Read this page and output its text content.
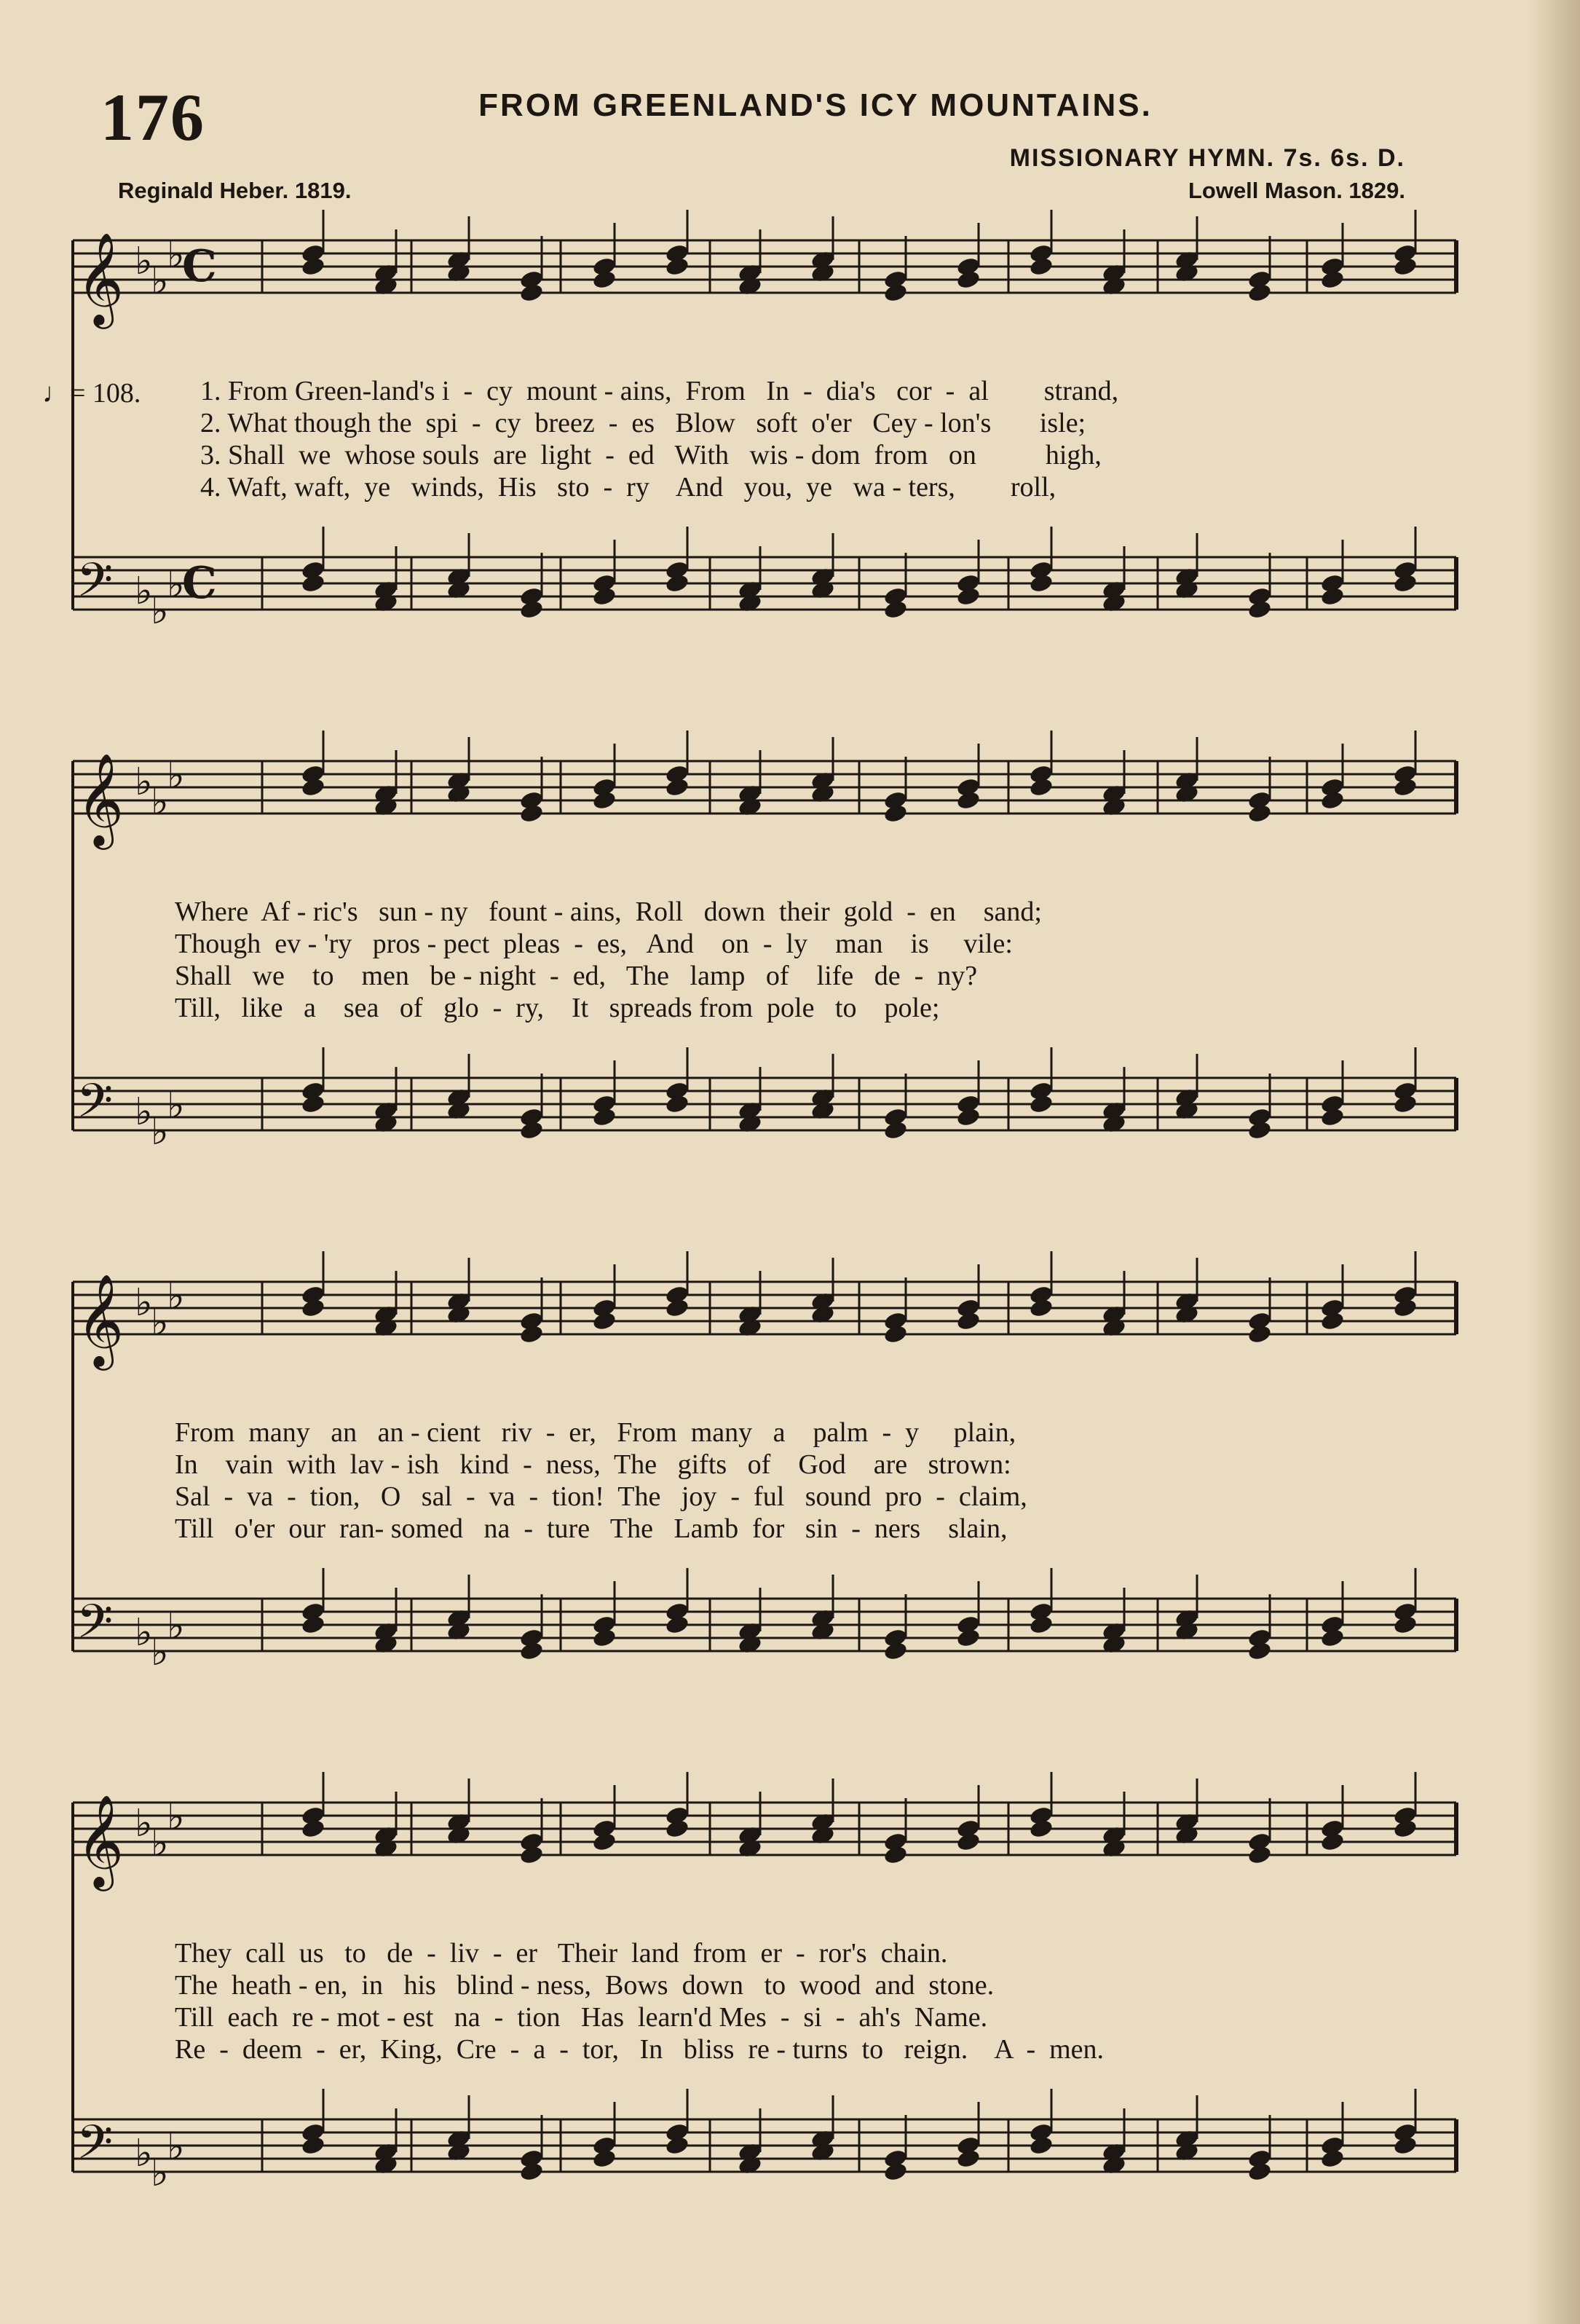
176	FROM GREENLAND'S ICY MOUNTAINS.
MISSIONARY HYMN. 7s. 6s. D.
Reginald Heber. 1819.	Lowell Mason. 1829.
𝄞 ♭
♭
♭
C
𝄢 ♭
♭
♭
C
𝄞 ♭
♭
♭
𝄢 ♭
♭
♭
𝄞 ♭
♭
♭
𝄢 ♭
♭
♭
𝄞 ♭
♭
♭
𝄢 ♭
♭
♭
♩= 108. 1. From Green-land's i  -  cy  mount - ains,  From   In  -  dia's   cor  -  al        strand,
2. What though the  spi  -  cy  breez  -  es   Blow   soft  o'er   Cey - lon's       isle;
3. Shall  we  whose souls  are  light  -  ed   With   wis - dom  from   on          high,
4. Waft, waft,  ye   winds,  His   sto  -  ry    And   you,  ye   wa - ters,        roll,
Where  Af - ric's   sun - ny   fount - ains,  Roll   down  their  gold  -  en    sand;
Though  ev - 'ry   pros - pect  pleas  -  es,   And    on  -  ly    man    is     vile:
Shall   we    to    men   be - night  -  ed,   The   lamp   of    life   de  -  ny?
Till,   like   a    sea   of   glo  -  ry,    It   spreads from  pole   to    pole;
From  many   an   an - cient   riv  -  er,   From  many   a    palm  -  y     plain,
In    vain  with  lav - ish   kind  -  ness,  The   gifts   of    God    are   strown:
Sal  -  va  -  tion,   O   sal  -  va  -  tion!  The   joy  -  ful   sound  pro  -  claim,
Till   o'er  our  ran- somed   na  -  ture   The   Lamb  for   sin  -  ners    slain,
They  call  us   to   de  -  liv  -  er   Their  land  from  er  -  ror's  chain.
The  heath - en,  in   his   blind - ness,  Bows  down   to  wood  and  stone.
Till  each  re - mot - est   na  -  tion   Has  learn'd Mes  -  si  -  ah's  Name.
Re  -  deem  -  er,  King,  Cre  -  a  -  tor,   In   bliss  re - turns  to   reign.    A  -  men.
